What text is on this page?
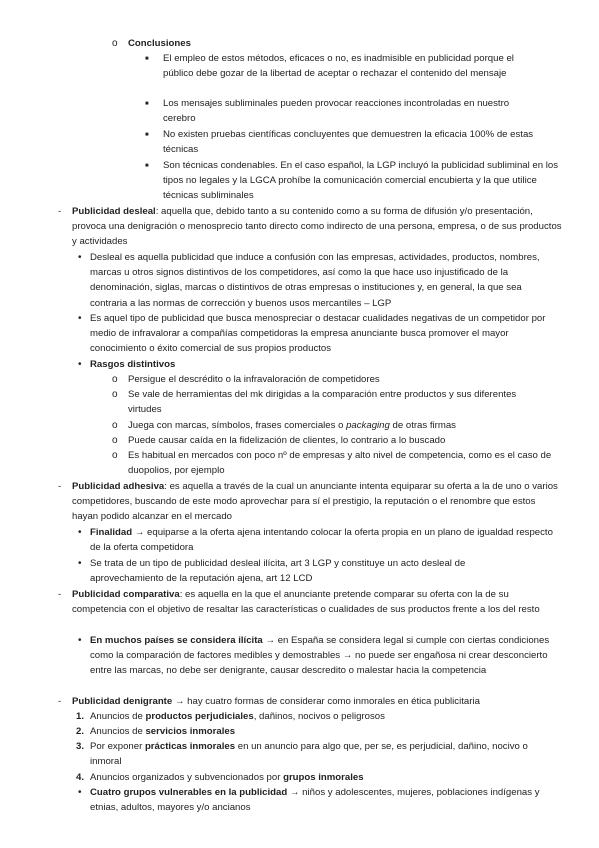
o Conclusiones
■ El empleo de estos métodos, eficaces o no, es inadmisible en publicidad porque el público debe gozar de la libertad de aceptar o rechazar el contenido del mensaje
■ Los mensajes subliminales pueden provocar reacciones incontroladas en nuestro cerebro
■ No existen pruebas científicas concluyentes que demuestren la eficacia 100% de estas técnicas
■ Son técnicas condenables. En el caso español, la LGP incluyó la publicidad subliminal en los tipos no legales y la LGCA prohíbe la comunicación comercial encubierta y la que utilice técnicas subliminales
- Publicidad desleal: aquella que, debido tanto a su contenido como a su forma de difusión y/o presentación, provoca una denigración o menosprecio tanto directo como indirecto de una persona, empresa, o de sus productos y actividades
• Desleal es aquella publicidad que induce a confusión con las empresas, actividades, productos, nombres, marcas u otros signos distintivos de los competidores, así como la que hace uso injustificado de la denominación, siglas, marcas o distintivos de otras empresas o instituciones y, en general, la que sea contraria a las normas de corrección y buenos usos mercantiles – LGP
• Es aquel tipo de publicidad que busca menospreciar o destacar cualidades negativas de un competidor por medio de infravalorar a compañías competidoras la empresa anunciante busca promover el mayor conocimiento o éxito comercial de sus propios productos
• Rasgos distintivos
o Persigue el descrédito o la infravaloración de competidores
o Se vale de herramientas del mk dirigidas a la comparación entre productos y sus diferentes virtudes
o Juega con marcas, símbolos, frases comerciales o packaging de otras firmas
o Puede causar caída en la fidelización de clientes, lo contrario a lo buscado
o Es habitual en mercados con poco nº de empresas y alto nivel de competencia, como es el caso de duopolios, por ejemplo
- Publicidad adhesiva: es aquella a través de la cual un anunciante intenta equiparar su oferta a la de uno o varios competidores, buscando de este modo aprovechar para sí el prestigio, la reputación o el renombre que estos hayan podido alcanzar en el mercado
• Finalidad → equiparse a la oferta ajena intentando colocar la oferta propia en un plano de igualdad respecto de la oferta competidora
• Se trata de un tipo de publicidad desleal ilícita, art 3 LGP y constituye un acto desleal de aprovechamiento de la reputación ajena, art 12 LCD
- Publicidad comparativa: es aquella en la que el anunciante pretende comparar su oferta con la de su competencia con el objetivo de resaltar las características o cualidades de sus productos frente a los del resto
• En muchos países se considera ilícita → en España se considera legal si cumple con ciertas condiciones como la comparación de factores medibles y demostrables → no puede ser engañosa ni crear desconcierto entre las marcas, no debe ser denigrante, causar descredito o malestar hacia la competencia
- Publicidad denigrante → hay cuatro formas de considerar como inmorales en ética publicitaria
1. Anuncios de productos perjudiciales, dañinos, nocivos o peligrosos
2. Anuncios de servicios inmorales
3. Por exponer prácticas inmorales en un anuncio para algo que, per se, es perjudicial, dañino, nocivo o inmoral
4. Anuncios organizados y subvencionados por grupos inmorales
• Cuatro grupos vulnerables en la publicidad → niños y adolescentes, mujeres, poblaciones indígenas y etnias, adultos, mayores y/o ancianos
